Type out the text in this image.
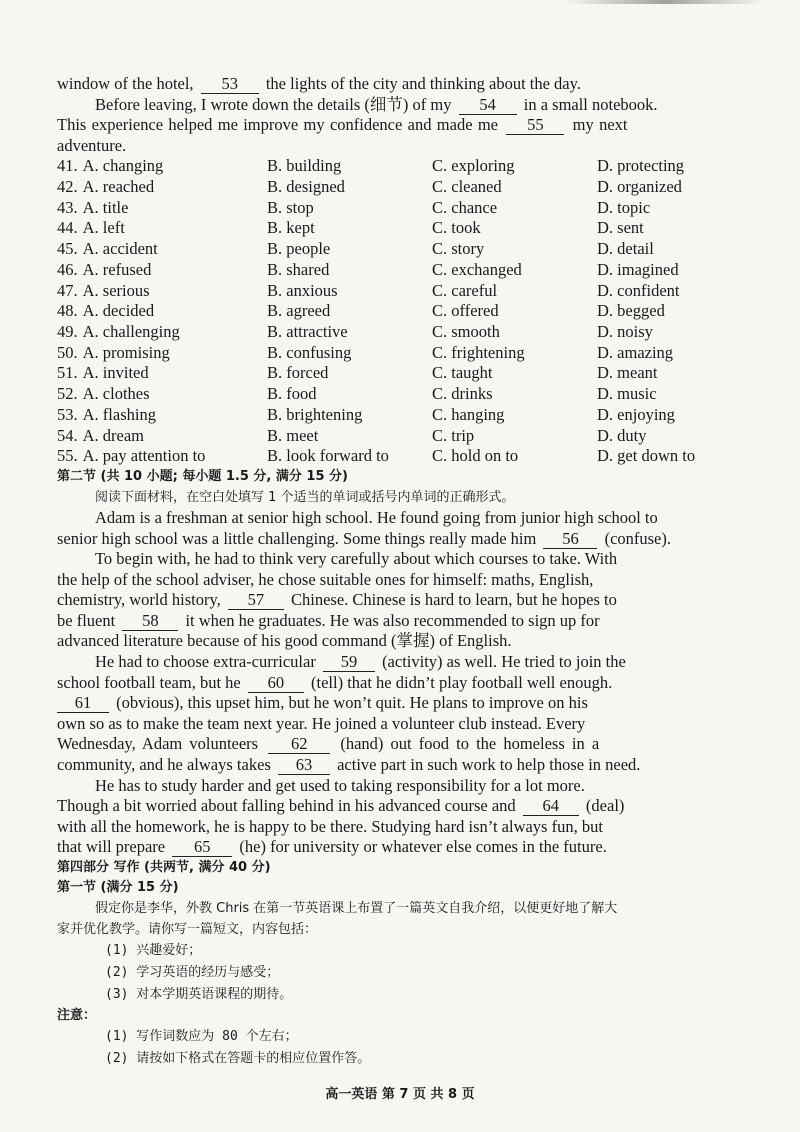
window of the hotel, 53 the lights of the city and thinking about the day.
Before leaving, I wrote down the details (细节) of my 54 in a small notebook.
This experience helped me improve my confidence and made me 55 my next
adventure.
41. A. changing	B. building	C. exploring	D. protecting
42. A. reached	B. designed	C. cleaned	D. organized
43. A. title	B. stop	C. chance	D. topic
44. A. left	B. kept	C. took	D. sent
45. A. accident	B. people	C. story	D. detail
46. A. refused	B. shared	C. exchanged	D. imagined
47. A. serious	B. anxious	C. careful	D. confident
48. A. decided	B. agreed	C. offered	D. begged
49. A. challenging	B. attractive	C. smooth	D. noisy
50. A. promising	B. confusing	C. frightening	D. amazing
51. A. invited	B. forced	C. taught	D. meant
52. A. clothes	B. food	C. drinks	D. music
53. A. flashing	B. brightening	C. hanging	D. enjoying
54. A. dream	B. meet	C. trip	D. duty
55. A. pay attention to	B. look forward to	C. hold on to	D. get down to
第二节 (共 10 小题; 每小题 1.5 分, 满分 15 分)
阅读下面材料，在空白处填写 1 个适当的单词或括号内单词的正确形式。
Adam is a freshman at senior high school. He found going from junior high school to
senior high school was a little challenging. Some things really made him 56 (confuse).
To begin with, he had to think very carefully about which courses to take. With
the help of the school adviser, he chose suitable ones for himself: maths, English,
chemistry, world history, 57 Chinese. Chinese is hard to learn, but he hopes to
be fluent 58 it when he graduates. He was also recommended to sign up for
advanced literature because of his good command (掌握) of English.
He had to choose extra-curricular 59 (activity) as well. He tried to join the
school football team, but he 60 (tell) that he didn’t play football well enough.
61 (obvious), this upset him, but he won’t quit. He plans to improve on his
own so as to make the team next year. He joined a volunteer club instead. Every
Wednesday, Adam volunteers 62 (hand) out food to the homeless in a
community, and he always takes 63 active part in such work to help those in need.
He has to study harder and get used to taking responsibility for a lot more.
Though a bit worried about falling behind in his advanced course and 64 (deal)
with all the homework, he is happy to be there. Studying hard isn’t always fun, but
that will prepare 65 (he) for university or whatever else comes in the future.
第四部分 写作 (共两节, 满分 40 分)
第一节 (满分 15 分)
假定你是李华，外教 Chris 在第一节英语课上布置了一篇英文自我介绍，以便更好地了解大
家并优化教学。请你写一篇短文，内容包括：
(1) 兴趣爱好；
(2) 学习英语的经历与感受；
(3) 对本学期英语课程的期待。
注意：
(1) 写作词数应为 80 个左右；
(2) 请按如下格式在答题卡的相应位置作答。
高一英语 第 7 页 共 8 页
